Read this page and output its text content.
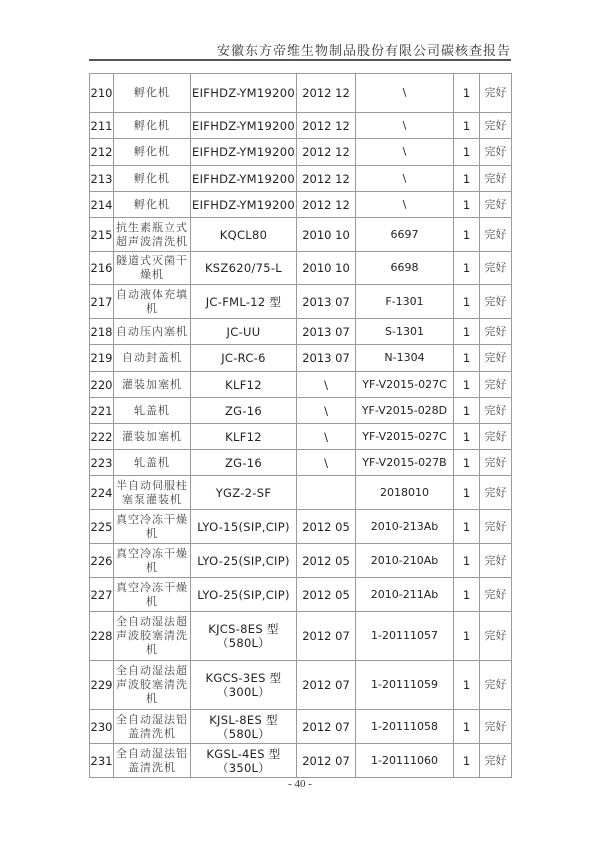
安徽东方帝维生物制品股份有限公司碳核查报告
210	孵化机	EIFHDZ-YM19200	2012 12	\	1	完好
211	孵化机	EIFHDZ-YM19200	2012 12	\	1	完好
212	孵化机	EIFHDZ-YM19200	2012 12	\	1	完好
213	孵化机	EIFHDZ-YM19200	2012 12	\	1	完好
214	孵化机	EIFHDZ-YM19200	2012 12	\	1	完好
215	抗生素瓶立式超声波清洗机	KQCL80	2010 10	6697	1	完好
216	隧道式灭菌干燥机	KSZ620/75-L	2010 10	6698	1	完好
217	自动液体充填机	JC-FML-12 型	2013 07	F-1301	1	完好
218	自动压内塞机	JC-UU	2013 07	S-1301	1	完好
219	自动封盖机	JC-RC-6	2013 07	N-1304	1	完好
220	灌装加塞机	KLF12	\	YF-V2015-027C	1	完好
221	轧盖机	ZG-16	\	YF-V2015-028D	1	完好
222	灌装加塞机	KLF12	\	YF-V2015-027C	1	完好
223	轧盖机	ZG-16	\	YF-V2015-027B	1	完好
224	半自动伺服柱塞泵灌装机	YGZ-2-SF		2018010	1	完好
225	真空冷冻干燥机	LYO-15(SIP,CIP)	2012 05	2010-213Ab	1	完好
226	真空冷冻干燥机	LYO-25(SIP,CIP)	2012 05	2010-210Ab	1	完好
227	真空冷冻干燥机	LYO-25(SIP,CIP)	2012 05	2010-211Ab	1	完好
228	全自动湿法超声波胶塞清洗机	KJCS-8ES 型（580L）	2012 07	1-20111057	1	完好
229	全自动湿法超声波胶塞清洗机	KGCS-3ES 型（300L）	2012 07	1-20111059	1	完好
230	全自动湿法铝盖清洗机	KJSL-8ES 型（580L）	2012 07	1-20111058	1	完好
231	全自动湿法铝盖清洗机	KGSL-4ES 型（350L）	2012 07	1-20111060	1	完好
- 40 -
